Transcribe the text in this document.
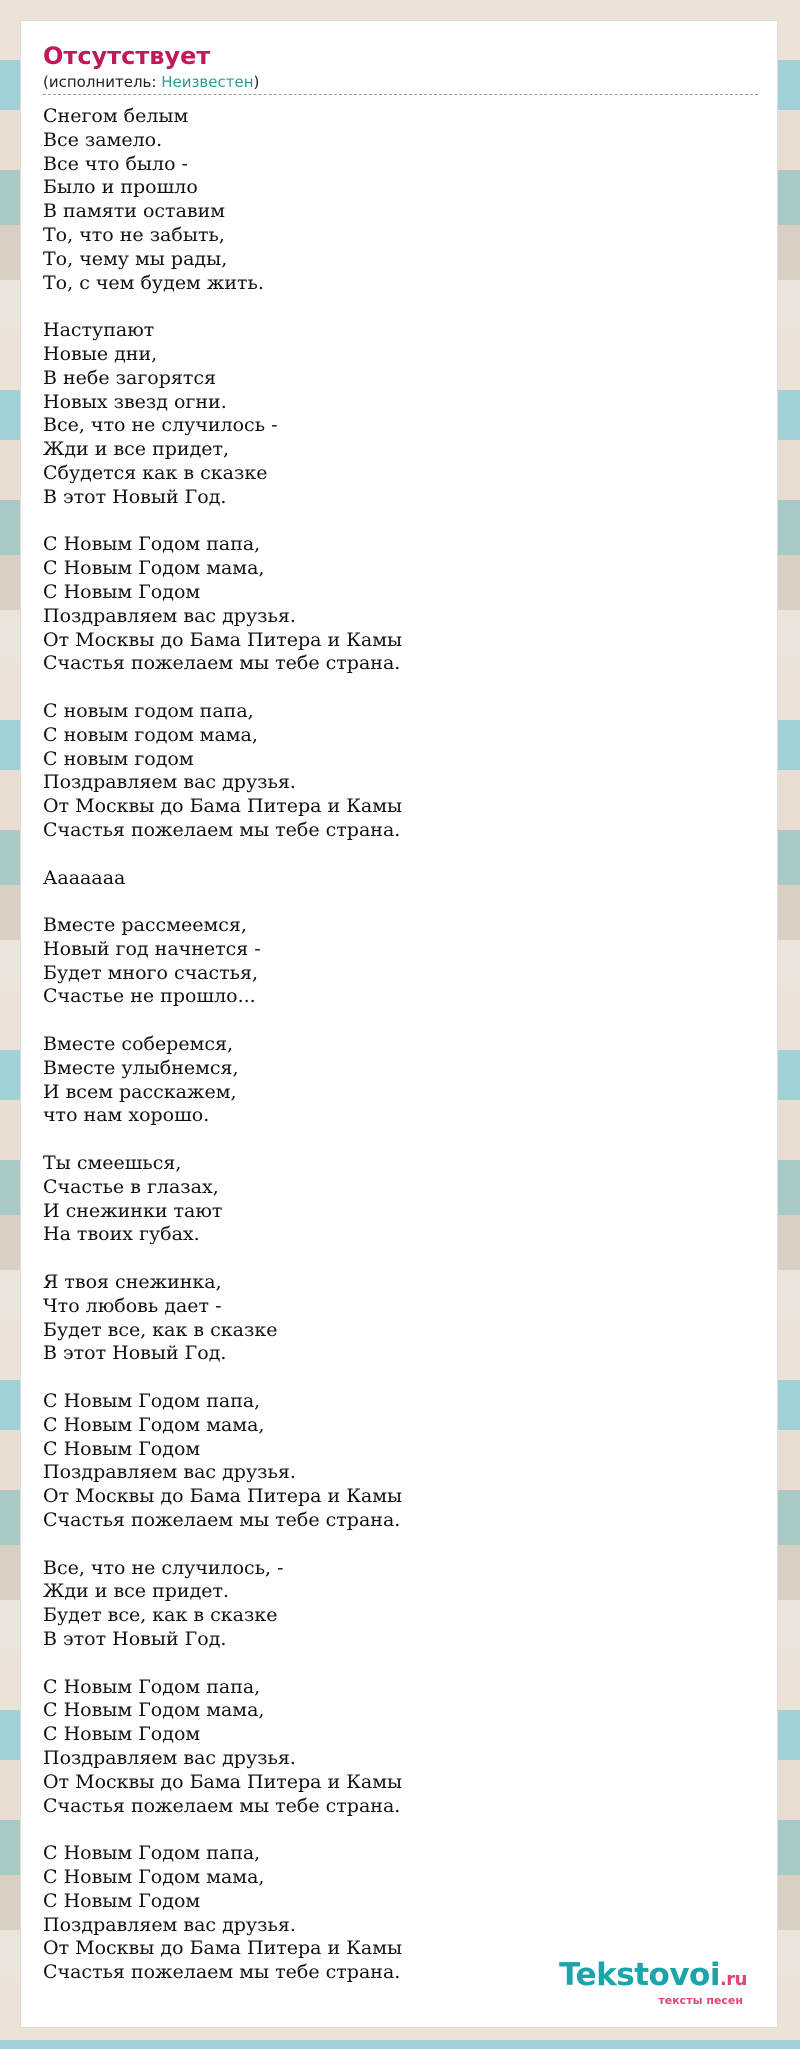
Отсутствует
(исполнитель: Неизвестен)
Снегом белым
Все замело.
Все что было -
Было и прошло
В памяти оставим
То, что не забыть,
То, чему мы рады,
То, с чем будем жить.
Наступают
Новые дни,
В небе загорятся
Новых звезд огни.
Все, что не случилось -
Жди и все придет,
Сбудется как в сказке
В этот Новый Год.
С Новым Годом папа,
С Новым Годом мама,
С Новым Годом
Поздравляем вас друзья.
От Москвы до Бама Питера и Камы
Счастья пожелаем мы тебе страна.
С новым годом папа,
С новым годом мама,
С новым годом
Поздравляем вас друзья.
От Москвы до Бама Питера и Камы
Счастья пожелаем мы тебе страна.
Ааааааа
Вместе рассмеемся,
Новый год начнется -
Будет много счастья,
Счастье не прошло...
Вместе соберемся,
Вместе улыбнемся,
И всем расскажем,
что нам хорошо.
Ты смеешься,
Счастье в глазах,
И снежинки тают
На твоих губах.
Я твоя снежинка,
Что любовь дает -
Будет все, как в сказке
В этот Новый Год.
С Новым Годом папа,
С Новым Годом мама,
С Новым Годом
Поздравляем вас друзья.
От Москвы до Бама Питера и Камы
Счастья пожелаем мы тебе страна.
Все, что не случилось, -
Жди и все придет.
Будет все, как в сказке
В этот Новый Год.
С Новым Годом папа,
С Новым Годом мама,
С Новым Годом
Поздравляем вас друзья.
От Москвы до Бама Питера и Камы
Счастья пожелаем мы тебе страна.
С Новым Годом папа,
С Новым Годом мама,
С Новым Годом
Поздравляем вас друзья.
От Москвы до Бама Питера и Камы
Счастья пожелаем мы тебе страна.	Tekstovoi.ru
тексты песен
